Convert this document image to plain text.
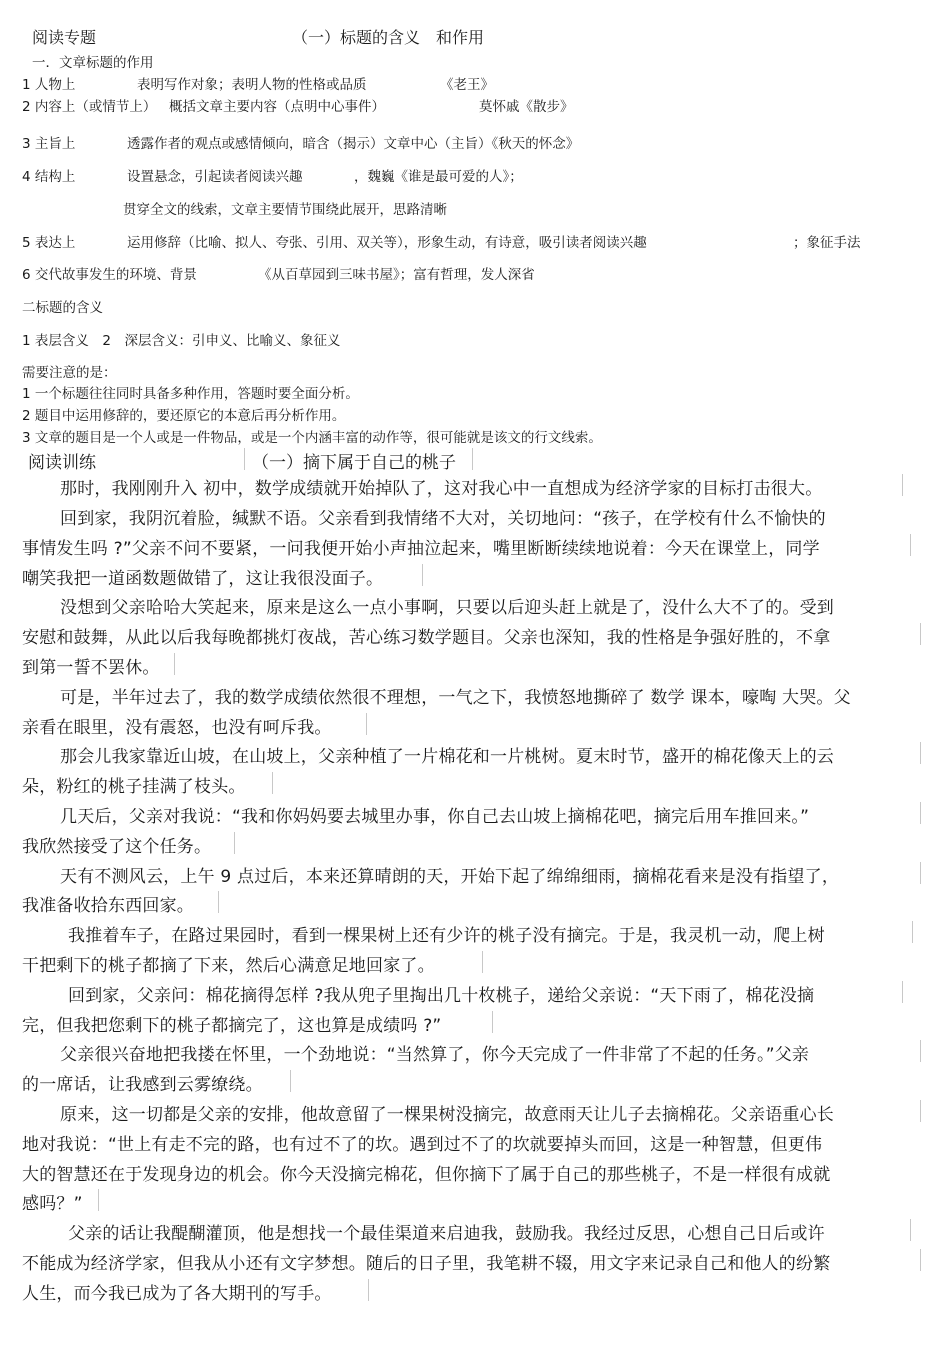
阅读专题	（一）标题的含义　和作用
一．文章标题的作用
1 人物上	表明写作对象；表明人物的性格或品质	《老王》
2 内容上（或情节上） 概括文章主要内容（点明中心事件）	莫怀戚《散步》
3 主旨上	透露作者的观点或感情倾向，暗含（揭示）文章中心（主旨）《秋天的怀念》
4 结构上	设置悬念，引起读者阅读兴趣	，魏巍《谁是最可爱的人》；
贯穿全文的线索，文章主要情节围绕此展开，思路清晰
5 表达上	运用修辞（比喻、拟人、夸张、引用、双关等），形象生动，有诗意，吸引读者阅读兴趣	；象征手法
6 交代故事发生的环境、背景	《从百草园到三味书屋》；富有哲理，发人深省
二标题的含义
1 表层含义　2　深层含义：引申义、比喻义、象征义
需要注意的是：
1 一个标题往往同时具备多种作用，答题时要全面分析。
2 题目中运用修辞的，要还原它的本意后再分析作用。
3 文章的题目是一个人或是一件物品，或是一个内涵丰富的动作等，很可能就是该文的行文线索。
阅读训练	（一）摘下属于自己的桃子
那时，我刚刚升入 初中，数学成绩就开始掉队了，这对我心中一直想成为经济学家的目标打击很大。
回到家，我阴沉着脸，缄默不语。父亲看到我情绪不大对，关切地问：“孩子，在学校有什么不愉快的
事情发生吗 ?”父亲不问不要紧，一问我便开始小声抽泣起来，嘴里断断续续地说着：今天在课堂上，同学
嘲笑我把一道函数题做错了，这让我很没面子。
没想到父亲哈哈大笑起来，原来是这么一点小事啊，只要以后迎头赶上就是了，没什么大不了的。受到
安慰和鼓舞，从此以后我每晚都挑灯夜战，苦心练习数学题目。父亲也深知，我的性格是争强好胜的，不拿
到第一誓不罢休。
可是，半年过去了，我的数学成绩依然很不理想，一气之下，我愤怒地撕碎了 数学 课本，嚎啕 大哭。父
亲看在眼里，没有震怒，也没有呵斥我。
那会儿我家靠近山坡，在山坡上，父亲种植了一片棉花和一片桃树。夏末时节，盛开的棉花像天上的云
朵，粉红的桃子挂满了枝头。
几天后，父亲对我说：“我和你妈妈要去城里办事，你自己去山坡上摘棉花吧，摘完后用车推回来。”
我欣然接受了这个任务。
天有不测风云，上午 9 点过后，本来还算晴朗的天，开始下起了绵绵细雨，摘棉花看来是没有指望了，
我准备收拾东西回家。
我推着车子，在路过果园时，看到一棵果树上还有少许的桃子没有摘完。于是，我灵机一动，爬上树
干把剩下的桃子都摘了下来，然后心满意足地回家了。
回到家，父亲问：棉花摘得怎样 ?我从兜子里掏出几十枚桃子，递给父亲说：“天下雨了，棉花没摘
完，但我把您剩下的桃子都摘完了，这也算是成绩吗 ?”
父亲很兴奋地把我搂在怀里，一个劲地说：“当然算了，你今天完成了一件非常了不起的任务。”父亲
的一席话，让我感到云雾缭绕。
原来，这一切都是父亲的安排，他故意留了一棵果树没摘完，故意雨天让儿子去摘棉花。父亲语重心长
地对我说：“世上有走不完的路，也有过不了的坎。遇到过不了的坎就要掉头而回，这是一种智慧，但更伟
大的智慧还在于发现身边的机会。你今天没摘完棉花，但你摘下了属于自己的那些桃子，不是一样很有成就
感吗？”
父亲的话让我醍醐灌顶，他是想找一个最佳渠道来启迪我，鼓励我。我经过反思，心想自己日后或许
不能成为经济学家，但我从小还有文字梦想。随后的日子里，我笔耕不辍，用文字来记录自己和他人的纷繁
人生，而今我已成为了各大期刊的写手。
